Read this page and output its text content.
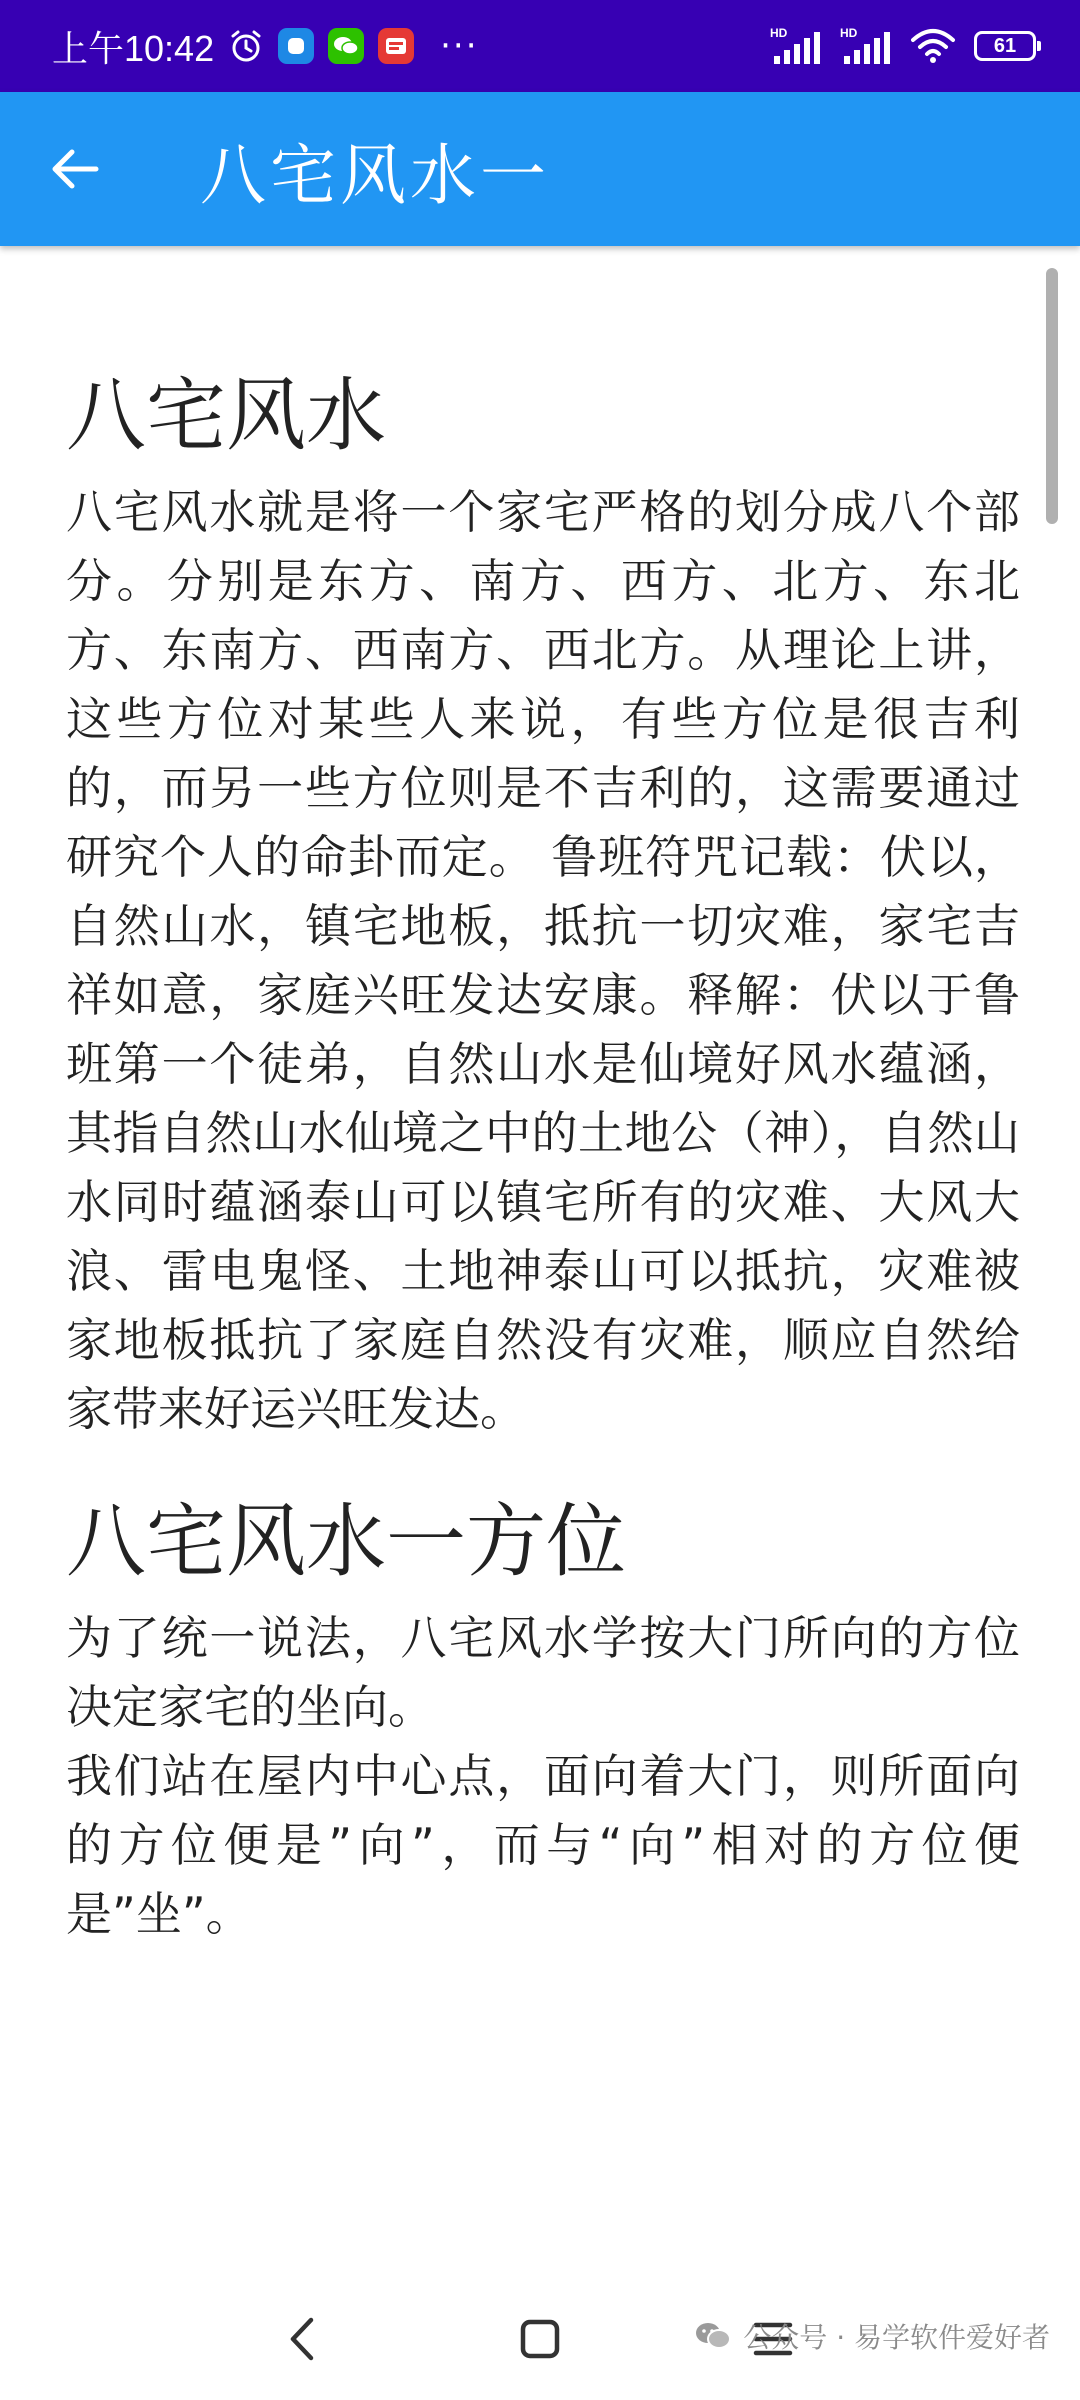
上午10:42	···	HD	HD
61
八宅风水一
八宅风水

八宅风水就是将一个家宅严格的划分成八个部分。分别是东方、南方、西方、北方、东北方、东南方、西南方、西北方。从理论上讲，这些方位对某些人来说，有些方位是很吉利的，而另一些方位则是不吉利的，这需要通过研究个人的命卦而定。 鲁班符咒记载：伏以，自然山水，镇宅地板，抵抗一切灾难，家宅吉祥如意，家庭兴旺发达安康。释解：伏以于鲁班第一个徒弟，自然山水是仙境好风水蕴涵，其指自然山水仙境之中的土地公（神），自然山水同时蕴涵泰山可以镇宅所有的灾难、大风大浪、雷电鬼怪、土地神泰山可以抵抗，灾难被家地板抵抗了家庭自然没有灾难，顺应自然给家带来好运兴旺发达。

八宅风水一方位

为了统一说法，八宅风水学按大门所向的方位决定家宅的坐向。

我们站在屋内中心点，面向着大门，则所面向的方位便是”向”，而与“向”相对的方位便是”坐”。

公众号 · 易学软件爱好者
